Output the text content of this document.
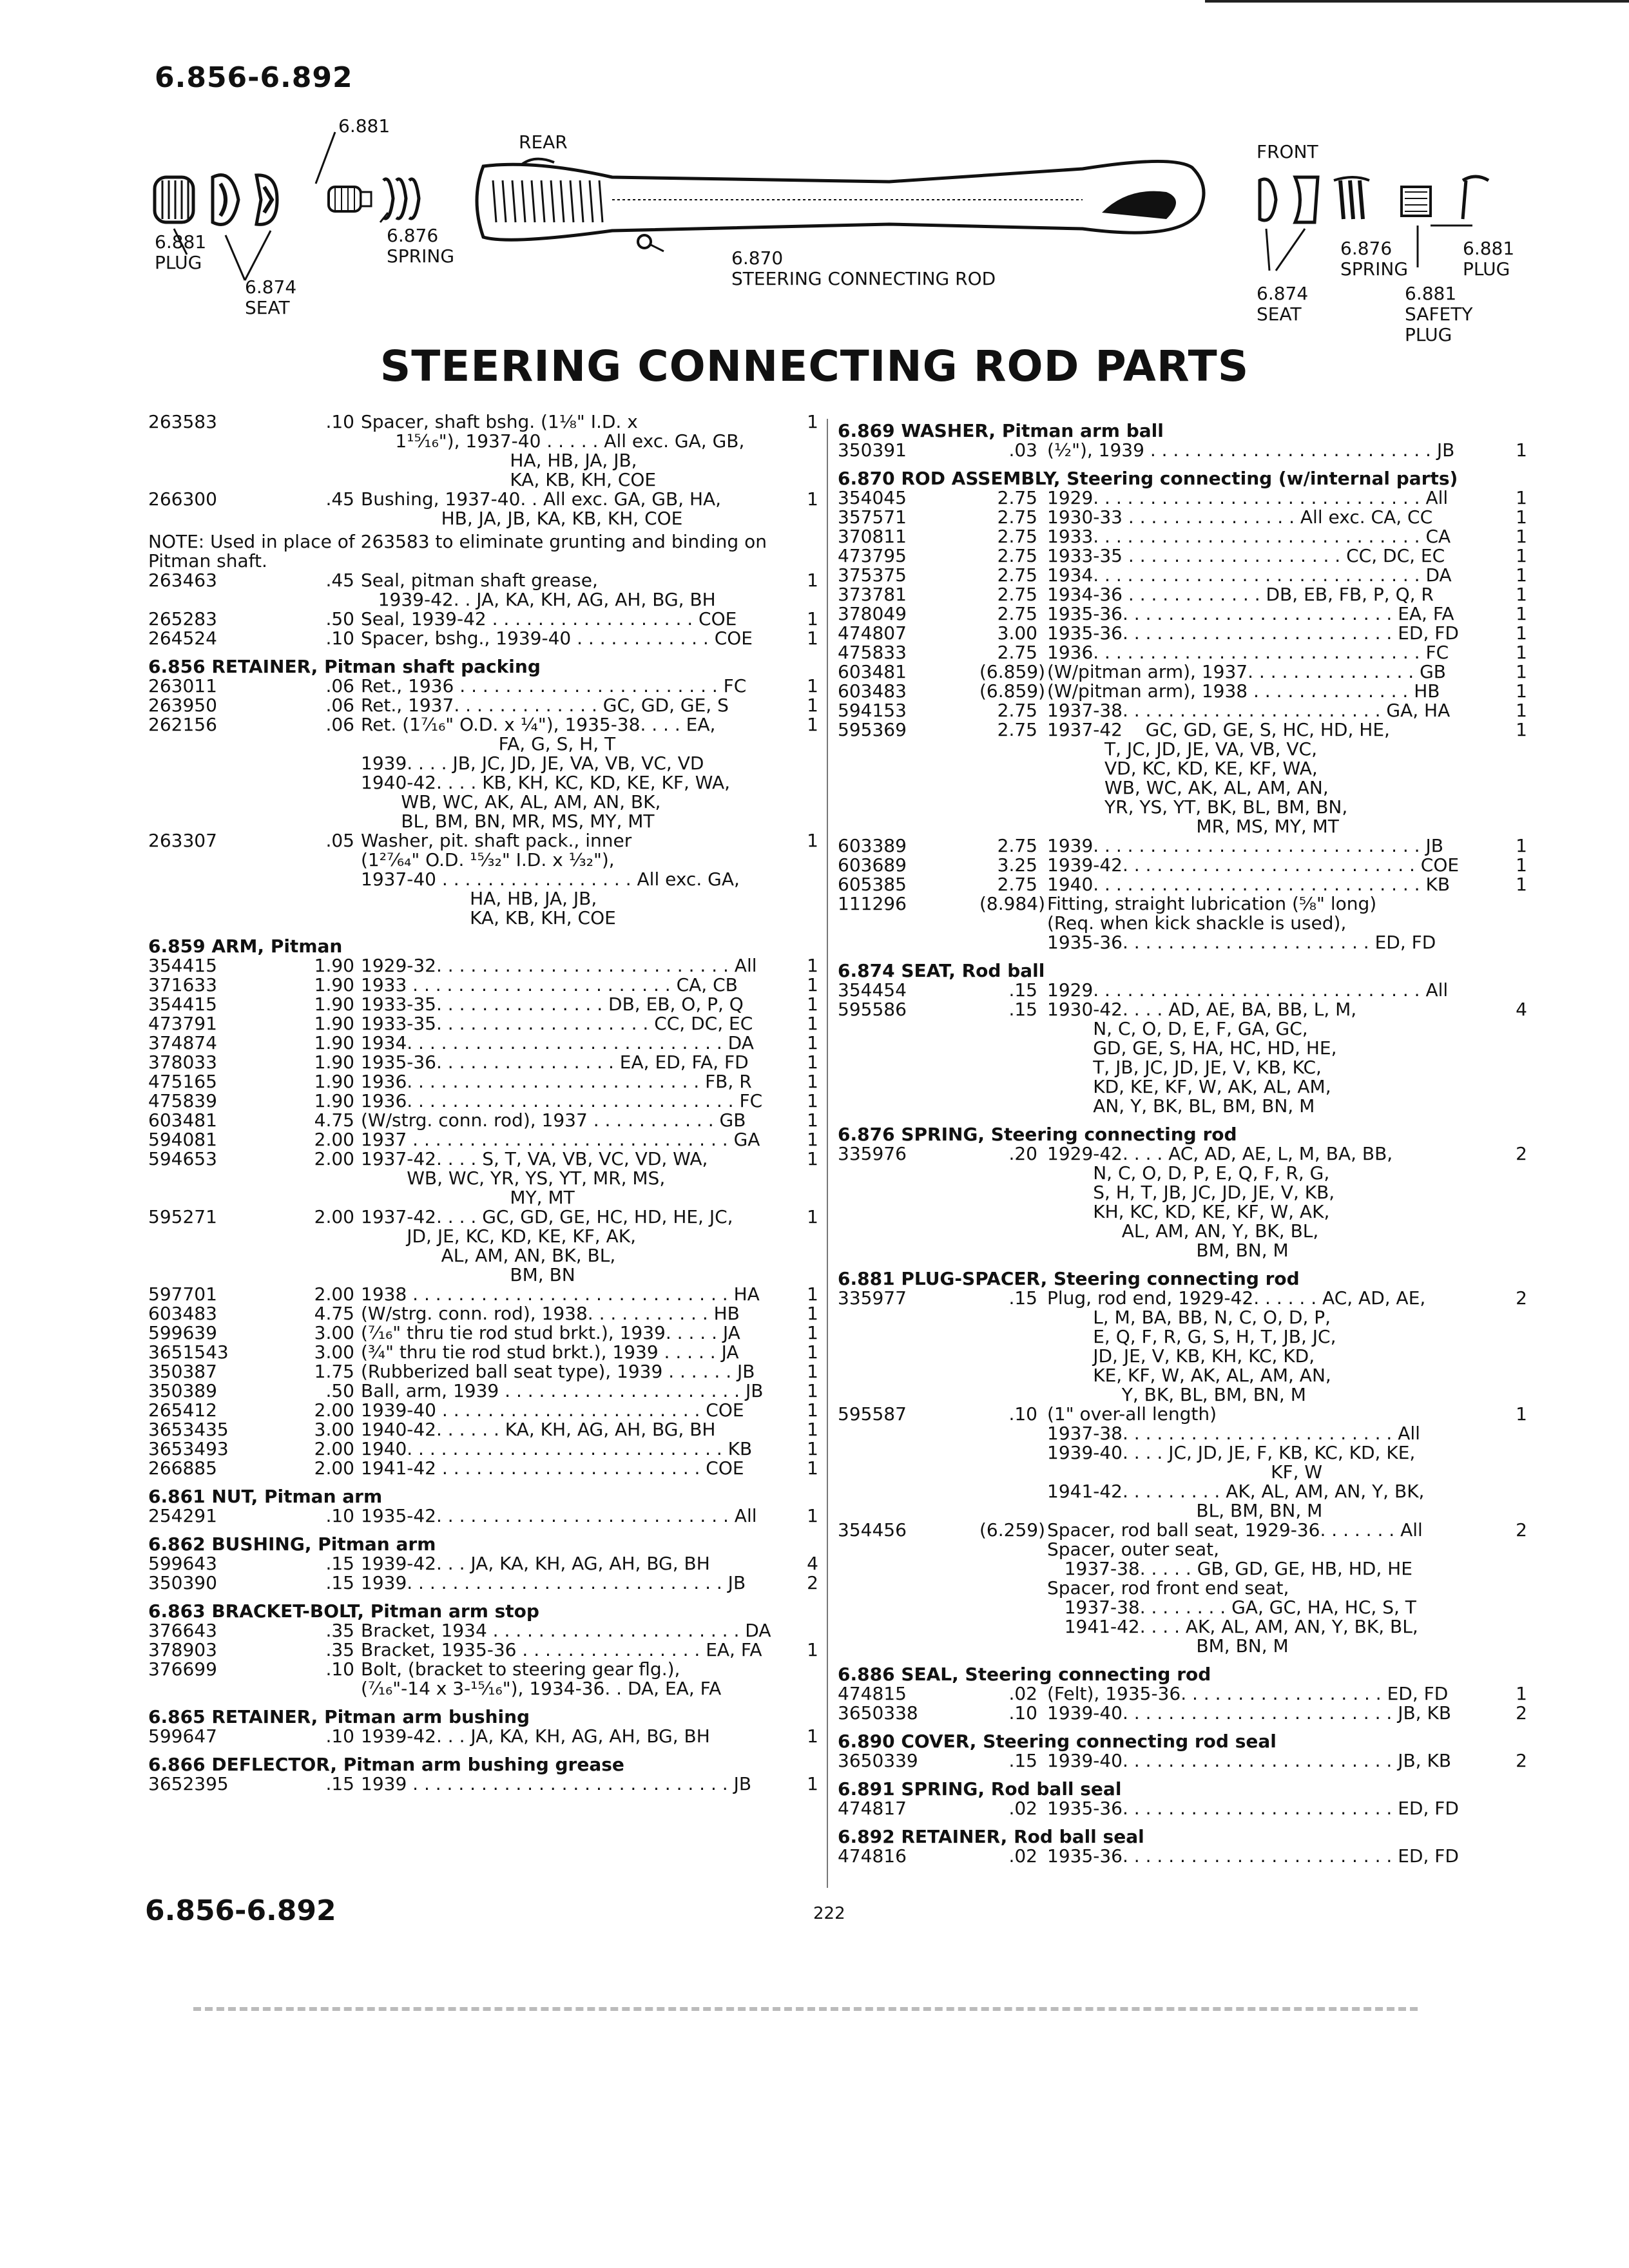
6.856-6.892
6.881
REAR	FRONT
6.881
PLUG
6.874
SEAT
6.876
SPRING	6.870
STEERING CONNECTING ROD
6.876
SPRING
6.881
PLUG
6.874
SEAT
6.881
SAFETY
PLUG
STEERING CONNECTING ROD PARTS
263583	.10 Spacer, shaft bshg. (1⅛" I.D. x
1¹⁵⁄₁₆"), 1937-40 . . . . . All exc. GA, GB,
HA, HB, JA, JB,
KA, KB, KH, COE
1
266300	.45 Bushing, 1937-40. . All exc. GA, GB, HA,
HB, JA, JB, KA, KB, KH, COE
1
NOTE: Used in place of 263583 to eliminate grunting and binding on Pitman shaft.
263463	.45 Seal, pitman shaft grease,
1939-42. . JA, KA, KH, AG, AH, BG, BH
1
265283	.50 Seal, 1939-42 . . . . . . . . . . . . . . . . . . COE	1
264524	.10 Spacer, bshg., 1939-40 . . . . . . . . . . . . COE	1
6.856 RETAINER, Pitman shaft packing
263011	.06 Ret., 1936 . . . . . . . . . . . . . . . . . . . . . . . FC	1
263950	.06 Ret., 1937. . . . . . . . . . . . . GC, GD, GE, S	1
262156	.06 Ret. (1⁷⁄₁₆" O.D. x ¼"), 1935-38. . . . EA,
FA, G, S, H, T
1939. . . . JB, JC, JD, JE, VA, VB, VC, VD
1940-42. . . . KB, KH, KC, KD, KE, KF, WA,
WB, WC, AK, AL, AM, AN, BK,
BL, BM, BN, MR, MS, MY, MT
1
263307	.05 Washer, pit. shaft pack., inner
(1²⁷⁄₆₄" O.D. ¹⁵⁄₃₂" I.D. x ¹⁄₃₂"),
1937-40 . . . . . . . . . . . . . . . . . All exc. GA,
HA, HB, JA, JB,
KA, KB, KH, COE
1
6.859 ARM, Pitman
354415	1.90 1929-32. . . . . . . . . . . . . . . . . . . . . . . . . . All	1
371633	1.90 1933 . . . . . . . . . . . . . . . . . . . . . . . CA, CB	1
354415	1.90 1933-35. . . . . . . . . . . . . . . DB, EB, O, P, Q	1
473791	1.90 1933-35. . . . . . . . . . . . . . . . . . . CC, DC, EC	1
374874	1.90 1934. . . . . . . . . . . . . . . . . . . . . . . . . . . . DA	1
378033	1.90 1935-36. . . . . . . . . . . . . . . . EA, ED, FA, FD	1
475165	1.90 1936. . . . . . . . . . . . . . . . . . . . . . . . . . FB, R	1
475839	1.90 1936. . . . . . . . . . . . . . . . . . . . . . . . . . . . . FC	1
603481	4.75 (W/strg. conn. rod), 1937 . . . . . . . . . . . GB	1
594081	2.00 1937 . . . . . . . . . . . . . . . . . . . . . . . . . . . . GA	1
594653	2.00 1937-42. . . . S, T, VA, VB, VC, VD, WA,
WB, WC, YR, YS, YT, MR, MS,
MY, MT
1
595271	2.00 1937-42. . . . GC, GD, GE, HC, HD, HE, JC,
JD, JE, KC, KD, KE, KF, AK,
AL, AM, AN, BK, BL,
BM, BN
1
597701	2.00 1938 . . . . . . . . . . . . . . . . . . . . . . . . . . . . HA	1
603483	4.75 (W/strg. conn. rod), 1938. . . . . . . . . . . HB	1
599639	3.00 (⁷⁄₁₆" thru tie rod stud brkt.), 1939. . . . . JA	1
3651543	3.00 (¾" thru tie rod stud brkt.), 1939 . . . . . JA	1
350387	1.75 (Rubberized ball seat type), 1939 . . . . . . JB	1
350389	.50 Ball, arm, 1939 . . . . . . . . . . . . . . . . . . . . . JB	1
265412	2.00 1939-40 . . . . . . . . . . . . . . . . . . . . . . . COE	1
3653435	3.00 1940-42. . . . . . KA, KH, AG, AH, BG, BH	1
3653493	2.00 1940. . . . . . . . . . . . . . . . . . . . . . . . . . . . KB	1
266885	2.00 1941-42 . . . . . . . . . . . . . . . . . . . . . . . COE	1
6.861 NUT, Pitman arm
254291	.10 1935-42. . . . . . . . . . . . . . . . . . . . . . . . . . All	1
6.862 BUSHING, Pitman arm
599643	.15 1939-42. . . JA, KA, KH, AG, AH, BG, BH	4
350390	.15 1939. . . . . . . . . . . . . . . . . . . . . . . . . . . . JB	2
6.863 BRACKET-BOLT, Pitman arm stop
376643	.35 Bracket, 1934 . . . . . . . . . . . . . . . . . . . . . . DA
378903	.35 Bracket, 1935-36 . . . . . . . . . . . . . . . . EA, FA	1
376699	.10 Bolt, (bracket to steering gear flg.),
(⁷⁄₁₆"-14 x 3-¹⁵⁄₁₆"), 1934-36. . DA, EA, FA
6.865 RETAINER, Pitman arm bushing
599647	.10 1939-42. . . JA, KA, KH, AG, AH, BG, BH	1
6.866 DEFLECTOR, Pitman arm bushing grease
3652395	.15 1939 . . . . . . . . . . . . . . . . . . . . . . . . . . . . JB	1
6.869 WASHER, Pitman arm ball
350391	.03 (½"), 1939 . . . . . . . . . . . . . . . . . . . . . . . . . JB	1
6.870 ROD ASSEMBLY, Steering connecting (w/internal parts)
354045	2.75 1929. . . . . . . . . . . . . . . . . . . . . . . . . . . . . All	1
357571	2.75 1930-33 . . . . . . . . . . . . . . . All exc. CA, CC	1
370811	2.75 1933. . . . . . . . . . . . . . . . . . . . . . . . . . . . . CA	1
473795	2.75 1933-35 . . . . . . . . . . . . . . . . . . . CC, DC, EC	1
375375	2.75 1934. . . . . . . . . . . . . . . . . . . . . . . . . . . . . DA	1
373781	2.75 1934-36 . . . . . . . . . . . . DB, EB, FB, P, Q, R	1
378049	2.75 1935-36. . . . . . . . . . . . . . . . . . . . . . . . EA, FA	1
474807	3.00 1935-36. . . . . . . . . . . . . . . . . . . . . . . . ED, FD	1
475833	2.75 1936. . . . . . . . . . . . . . . . . . . . . . . . . . . . . FC	1
603481	(6.859) (W/pitman arm), 1937. . . . . . . . . . . . . . . GB	1
603483	(6.859) (W/pitman arm), 1938 . . . . . . . . . . . . . . HB	1
594153	2.75 1937-38. . . . . . . . . . . . . . . . . . . . . . . GA, HA	1
595369	2.75 1937-42    GC, GD, GE, S, HC, HD, HE,
T, JC, JD, JE, VA, VB, VC,
VD, KC, KD, KE, KF, WA,
WB, WC, AK, AL, AM, AN,
YR, YS, YT, BK, BL, BM, BN,
MR, MS, MY, MT
1
603389	2.75 1939. . . . . . . . . . . . . . . . . . . . . . . . . . . . . JB	1
603689	3.25 1939-42. . . . . . . . . . . . . . . . . . . . . . . . . . COE	1
605385	2.75 1940. . . . . . . . . . . . . . . . . . . . . . . . . . . . . KB	1
111296	(8.984) Fitting, straight lubrication (⅝" long)
(Req. when kick shackle is used),
1935-36. . . . . . . . . . . . . . . . . . . . . . ED, FD
6.874 SEAT, Rod ball
354454	.15 1929. . . . . . . . . . . . . . . . . . . . . . . . . . . . . All
595586	.15 1930-42. . . . AD, AE, BA, BB, L, M,
N, C, O, D, E, F, GA, GC,
GD, GE, S, HA, HC, HD, HE,
T, JB, JC, JD, JE, V, KB, KC,
KD, KE, KF, W, AK, AL, AM,
AN, Y, BK, BL, BM, BN, M
4
6.876 SPRING, Steering connecting rod
335976	.20 1929-42. . . . AC, AD, AE, L, M, BA, BB,
N, C, O, D, P, E, Q, F, R, G,
S, H, T, JB, JC, JD, JE, V, KB,
KH, KC, KD, KE, KF, W, AK,
AL, AM, AN, Y, BK, BL,
BM, BN, M
2
6.881 PLUG-SPACER, Steering connecting rod
335977	.15 Plug, rod end, 1929-42. . . . . . AC, AD, AE,
L, M, BA, BB, N, C, O, D, P,
E, Q, F, R, G, S, H, T, JB, JC,
JD, JE, V, KB, KH, KC, KD,
KE, KF, W, AK, AL, AM, AN,
Y, BK, BL, BM, BN, M
2
595587	.10 (1" over-all length)
1937-38. . . . . . . . . . . . . . . . . . . . . . . . All
1939-40. . . . JC, JD, JE, F, KB, KC, KD, KE,
KF, W
1941-42. . . . . . . . . AK, AL, AM, AN, Y, BK,
BL, BM, BN, M
1
354456	(6.259) Spacer, rod ball seat, 1929-36. . . . . . . All
Spacer, outer seat,
1937-38. . . . . GB, GD, GE, HB, HD, HE
Spacer, rod front end seat,
1937-38. . . . . . . . GA, GC, HA, HC, S, T
1941-42. . . . AK, AL, AM, AN, Y, BK, BL,
BM, BN, M
2
6.886 SEAL, Steering connecting rod
474815	.02 (Felt), 1935-36. . . . . . . . . . . . . . . . . . ED, FD	1
3650338	.10 1939-40. . . . . . . . . . . . . . . . . . . . . . . . JB, KB	2
6.890 COVER, Steering connecting rod seal
3650339	.15 1939-40. . . . . . . . . . . . . . . . . . . . . . . . JB, KB	2
6.891 SPRING, Rod ball seal
474817	.02 1935-36. . . . . . . . . . . . . . . . . . . . . . . . ED, FD
6.892 RETAINER, Rod ball seal
474816	.02 1935-36. . . . . . . . . . . . . . . . . . . . . . . . ED, FD
6.856-6.892	222
